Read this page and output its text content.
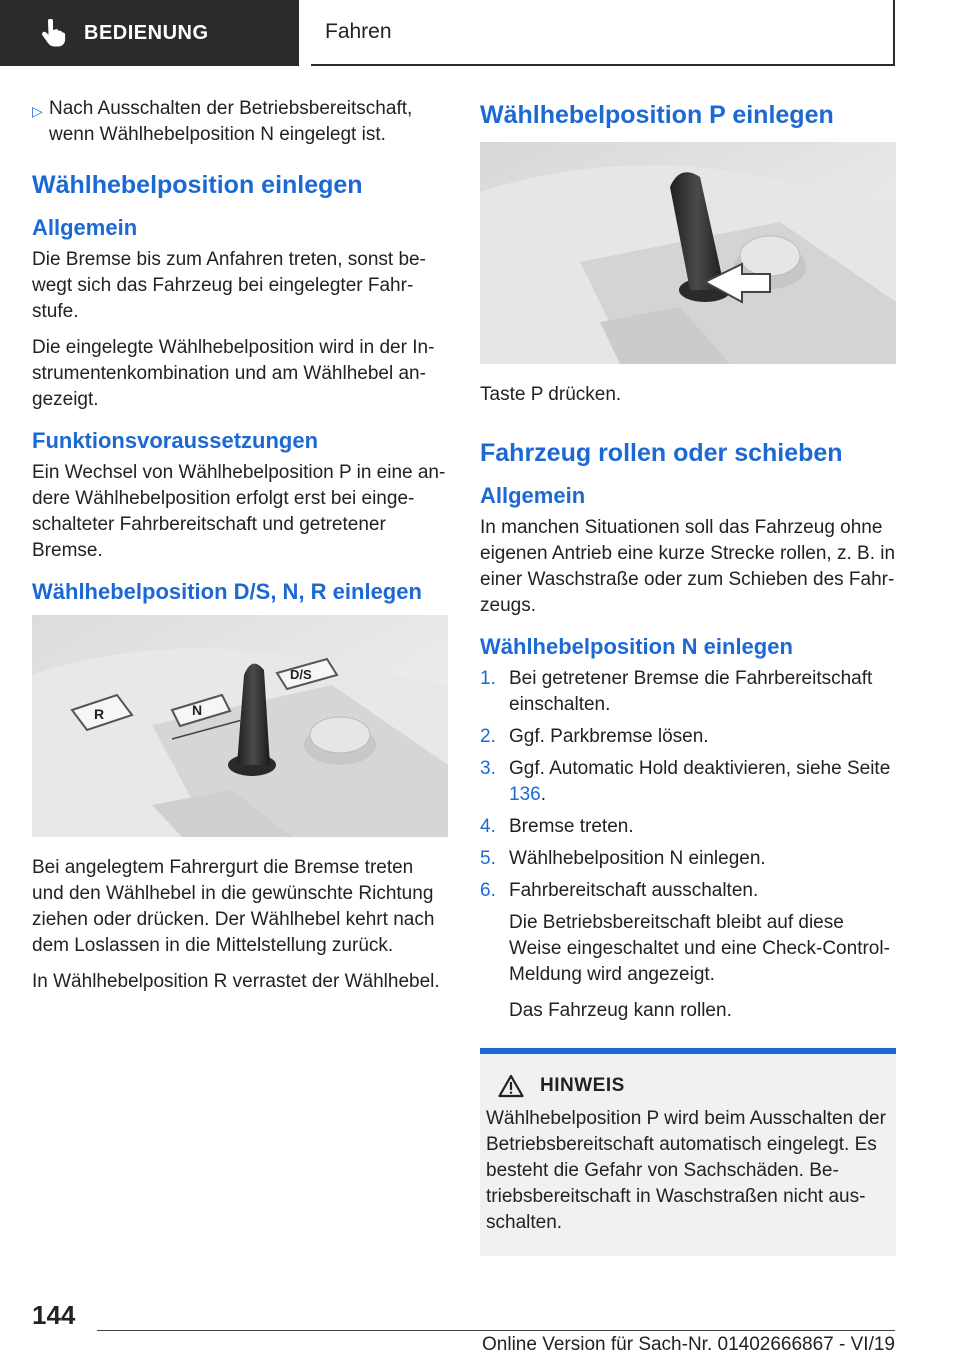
BEDIENUNG	Fahren
▷ Nach Ausschalten der Betriebsbereitschaft, wenn Wählhebelposition N eingelegt ist.
Wählhebelposition einlegen
Allgemein

Die Bremse bis zum Anfahren treten, sonst bewegt sich das Fahrzeug bei eingelegter Fahrstufe.

Die eingelegte Wählhebelposition wird in der Instrumentenkombination und am Wählhebel angezeigt.

Funktionsvoraussetzungen

Ein Wechsel von Wählhebelposition P in eine andere Wählhebelposition erfolgt erst bei eingeschalteter Fahrbereitschaft und getretener Bremse.

Wählhebelposition D/S, N, R einlegen
R	N
D/S

Bei angelegtem Fahrergurt die Bremse treten und den Wählhebel in die gewünschte Richtung ziehen oder drücken. Der Wählhebel kehrt nach dem Loslassen in die Mittelstellung zurück.

In Wählhebelposition R verrastet der Wählhebel.

Wählhebelposition P einlegen

Taste P drücken.

Fahrzeug rollen oder schieben
Allgemein

In manchen Situationen soll das Fahrzeug ohne eigenen Antrieb eine kurze Strecke rollen, z. B. in einer Waschstraße oder zum Schieben des Fahrzeugs.

Wählhebelposition N einlegen
1. Bei getretener Bremse die Fahrbereitschaft einschalten.
2. Ggf. Parkbremse lösen.
3. Ggf. Automatic Hold deaktivieren, siehe Seite 136.
4. Bremse treten.
5. Wählhebelposition N einlegen.
6. Fahrbereitschaft ausschalten.

Die Betriebsbereitschaft bleibt auf diese Weise eingeschaltet und eine Check-Control-Meldung wird angezeigt.

Das Fahrzeug kann rollen.

HINWEIS

Wählhebelposition P wird beim Ausschalten der Betriebsbereitschaft automatisch eingelegt. Es besteht die Gefahr von Sachschäden. Betriebsbereitschaft in Waschstraßen nicht ausschalten.

144
Online Version für Sach-Nr. 01402666867 - VI/19
